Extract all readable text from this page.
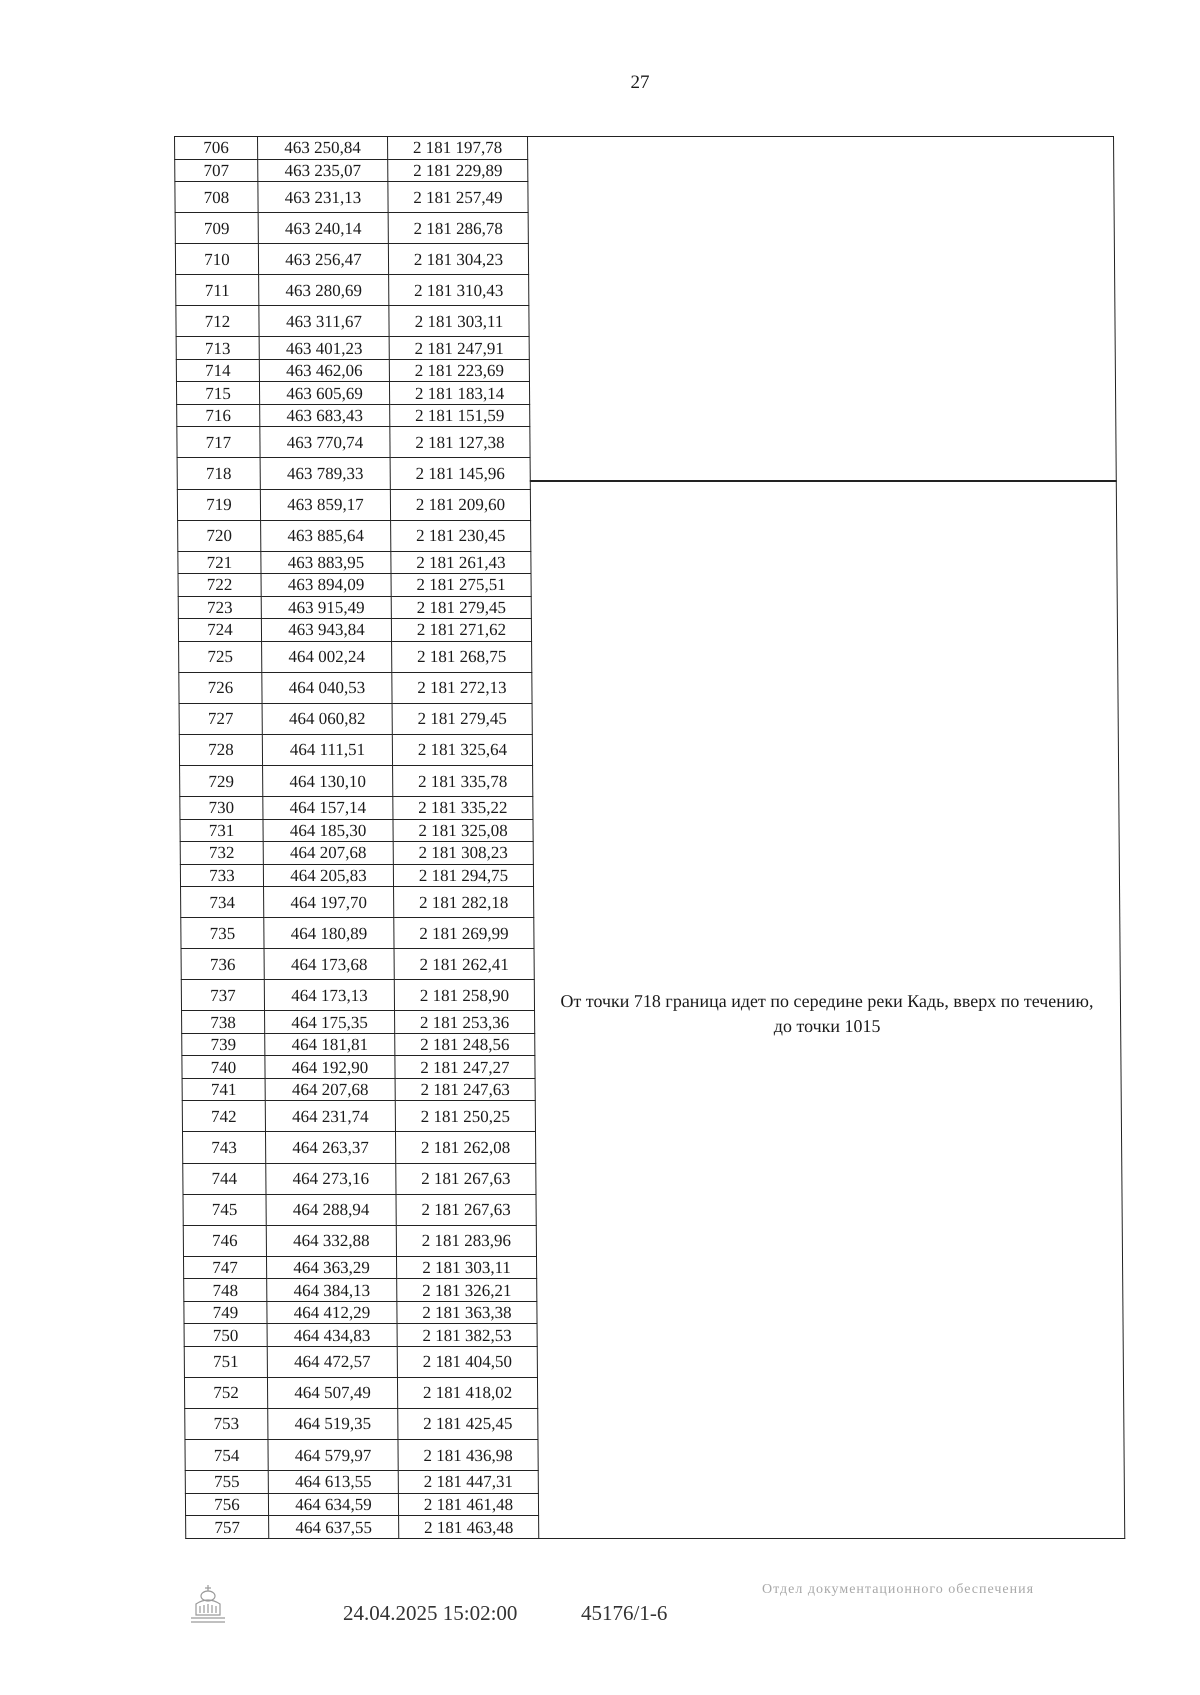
27
706	463 250,84	2 181 197,78
707	463 235,07	2 181 229,89
708	463 231,13	2 181 257,49
709	463 240,14	2 181 286,78
710	463 256,47	2 181 304,23
711	463 280,69	2 181 310,43
712	463 311,67	2 181 303,11
713	463 401,23	2 181 247,91
714	463 462,06	2 181 223,69
715	463 605,69	2 181 183,14
716	463 683,43	2 181 151,59
717	463 770,74	2 181 127,38
718	463 789,33	2 181 145,96
719	463 859,17	2 181 209,60
720	463 885,64	2 181 230,45
721	463 883,95	2 181 261,43
722	463 894,09	2 181 275,51
723	463 915,49	2 181 279,45
724	463 943,84	2 181 271,62
725	464 002,24	2 181 268,75
726	464 040,53	2 181 272,13
727	464 060,82	2 181 279,45
728	464 111,51	2 181 325,64
729	464 130,10	2 181 335,78
730	464 157,14	2 181 335,22
731	464 185,30	2 181 325,08
732	464 207,68	2 181 308,23
733	464 205,83	2 181 294,75
734	464 197,70	2 181 282,18
735	464 180,89	2 181 269,99
736	464 173,68	2 181 262,41
737	464 173,13	2 181 258,90
738	464 175,35	2 181 253,36
739	464 181,81	2 181 248,56
740	464 192,90	2 181 247,27
741	464 207,68	2 181 247,63
742	464 231,74	2 181 250,25
743	464 263,37	2 181 262,08
744	464 273,16	2 181 267,63
745	464 288,94	2 181 267,63
746	464 332,88	2 181 283,96
747	464 363,29	2 181 303,11
748	464 384,13	2 181 326,21
749	464 412,29	2 181 363,38
750	464 434,83	2 181 382,53
751	464 472,57	2 181 404,50
752	464 507,49	2 181 418,02
753	464 519,35	2 181 425,45
754	464 579,97	2 181 436,98
755	464 613,55	2 181 447,31
756	464 634,59	2 181 461,48
757	464 637,55	2 181 463,48
От точки 718 граница идет по середине реки Кадь, вверх по течению, до точки 1015
24.04.2025 15:02:00	45176/1-6
Отдел документационного обеспечения
